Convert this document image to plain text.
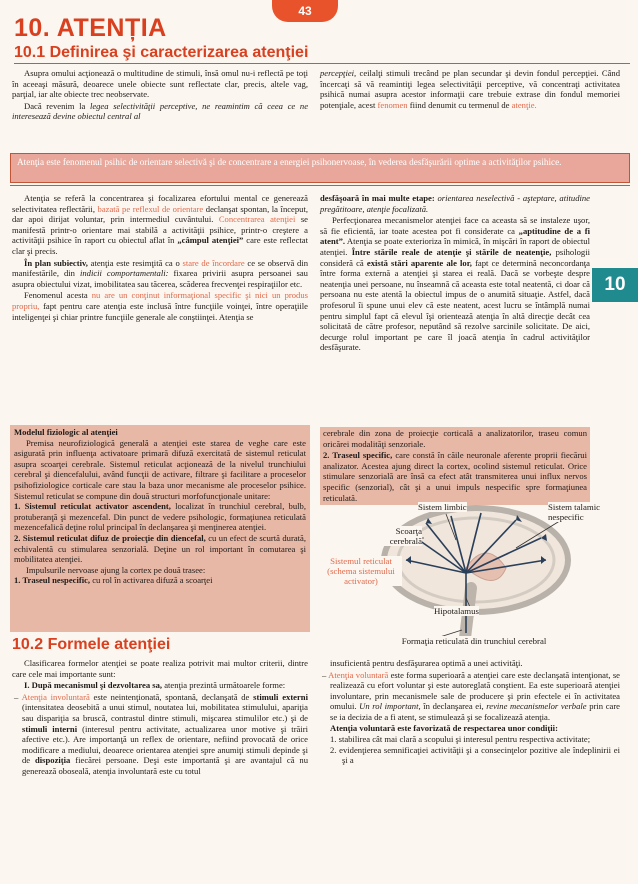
43
10. ATENȚIA
10.1 Definirea şi caracterizarea atenţiei

Asupra omului acţionează o multitudine de stimuli, însă omul nu-i reflectă pe toţi în aceeaşi măsură, deoarece unele obiecte sunt reflectate clar, precis, altele vag, parţial, iar alte obiecte trec neobservate.

Dacă revenim la legea selectivităţii perceptive, ne reamintim că ceea ce ne interesează devine obiectul central al

percepţiei, ceilalţi stimuli trecând pe plan secundar şi devin fondul percepţiei. Când încercaţi să vă reamintiţi legea selectivităţii perceptive, vă concentraţi activitatea psihică numai asupra acestor informaţii care trebuie extrase din fondul memoriei potenţiale, acest fenomen fiind denumit cu termenul de atenţie.

Atenţia este fenomenul psihic de orientare selectivă şi de concentrare a energiei psihonervoase, în vederea desfăşurării optime a activităţilor psihice.

Atenţia se referă la concentrarea şi focalizarea efortului mental ce generează selectivitatea reflectării, bazată pe reflexul de orientare declanşat spontan, la început, dar apoi dirijat voluntar, prin intermediul cuvântului. Concentrarea atenţiei se manifestă printr-o orientare mai stabilă a activităţii psihice, printr-o creştere a activităţii psihice în raport cu obiectul aflat în „câmpul atenţiei” care este reflectat clar şi precis.

În plan subiectiv, atenţia este resimţită ca o stare de încordare ce se observă din manifestările, din indicii comportamentali: fixarea privirii asupra persoanei sau asupra obiectului vizat, imobilitatea sau tăcerea, scăderea frecvenţei respiraţiilor etc.

Fenomenul acesta nu are un conţinut informaţional specific şi nici un produs propriu, fapt pentru care atenţia este inclusă între funcţiile voinţei, între operaţiile inteligenţei şi chiar printre funcţiile generale ale conştiinţei. Atenţia se

desfăşoară în mai multe etape: orientarea neselectivă - aşteptare, atitudine pregătitoare, atenţie focalizată.

Perfecţionarea mecanismelor atenţiei face ca aceasta să se instaleze uşor, să fie eficientă, iar toate acestea pot fi considerate ca „aptitudine de a fi atent”. Atenţia se poate exterioriza în mimică, în mişcări în raport de obiectul atenţiei. Între stările reale de atenţie şi stările de neatenţie, psihologii consideră că există stări aparente ale lor, fapt ce determină neconcordanţa între forma externă a atenţiei şi starea ei reală. Dacă se vorbeşte despre neatenţia unei persoane, nu înseamnă că aceasta este total neatentă, ci doar că persoana nu este atentă la obiectul impus de o anumită situaţie. Astfel, dacă profesorul îi spune unui elev că este neatent, acest lucru se întâmplă numai pentru simplul fapt că elevul îşi orientează atenţia în altă direcţie decât cea solicitată de către profesor, neputând să rezolve sarcinile solicitate. De aici, decurge rolul important pe care îl joacă atenţia în cadrul activităţilor desfăşurate.

10

Modelul fiziologic al atenţiei

Premisa neurofiziologică generală a atenţiei este starea de veghe care este asigurată prin influenţa activatoare primară difuză exercitată de sistemul reticulat asupra scoarţei cerebrale. Sistemul reticulat acţionează de la nivelul trunchiului cerebral şi diencefalului, având funcţii de activare, filtrare şi facilitare a proceselor psihofiziologice corticale care stau la baza unor mecanisme ale proceselor psihice. Sistemul reticulat se compune din două structuri morfofuncţionale unitare:

1. Sistemul reticulat activator ascendent, localizat în trunchiul cerebral, bulb, protuberanţă şi mezencefal. Din punct de vedere psihologic, formaţiunea reticulată mezencefalică deţine rolul principal în declanşarea şi menţinerea atenţiei.

2. Sistemul reticulat difuz de proiecţie din diencefal, cu un efect de scurtă durată, echivalentă cu stimularea senzorială. Deţine un rol important în comutarea şi mobilitatea atenţiei.

Impulsurile nervoase ajung la cortex pe două trasee:

1. Traseul nespecific, cu rol în activarea difuză a scoarţei

cerebrale din zona de proiecţie corticală a analizatorilor, traseu comun oricărei modalităţi senzoriale.

2. Traseul specific, care constă în căile neuronale aferente proprii fiecărui analizator. Acestea ajung direct la cortex, ocolind sistemul reticulat. Orice stimulare senzorială are însă ca efect atât transmiterea unui influx nervos specific (senzorial), cât şi a unui impuls nespecific spre formaţiunea reticulată.

Sistem limbic	Sistem talamic nespecific
Scoarţa cerebrală
Sistemul reticulat (schema sistemului activator)
Hipotalamus
Formaţia reticulată din trunchiul cerebral
10.2 Formele atenţiei

Clasificarea formelor atenţiei se poate realiza potrivit mai multor criterii, dintre care cele mai importante sunt:

I. După mecanismul şi dezvoltarea sa, atenţia prezintă următoarele forme:

– Atenţia involuntară este neintenţionată, spontană, declanşată de stimuli externi (intensitatea deosebită a unui stimul, noutatea lui, mobilitatea stimulului, apariţia sau dispariţia sa bruscă, contrastul dintre stimuli, mişcarea stimulilor etc.) şi de stimuli interni (interesul pentru activitate, actualizarea unor motive şi trăiri afective etc.). Are importanţă un reflex de orientare, nefiind provocată de orice modificare a mediului, deoarece orientarea atenţiei spre anumiţi stimuli depinde şi de dispoziţia fiecărei persoane. Deşi este importantă şi are avantajul că nu generează oboseală, atenţia involuntară este cu totul

insuficientă pentru desfăşurarea optimă a unei activităţi.

– Atenţia voluntară este forma superioară a atenţiei care este declanşată intenţionat, se realizează cu efort voluntar şi este autoreglată conştient. Ea este superioară atenţiei involuntare, prin mecanismele sale de producere şi prin efectele ei în activitatea omului. Un rol important, în declanşarea ei, revine mecanismelor verbale prin care se ia decizia de a fi atent, se stimulează şi se focalizează atenţia.

Atenţia voluntară este favorizată de respectarea unor condiţii:

1. stabilirea cât mai clară a scopului şi interesul pentru respectiva activitate;
2. evidenţierea semnificaţiei activităţii şi a consecinţelor pozitive ale îndeplinirii ei şi a
